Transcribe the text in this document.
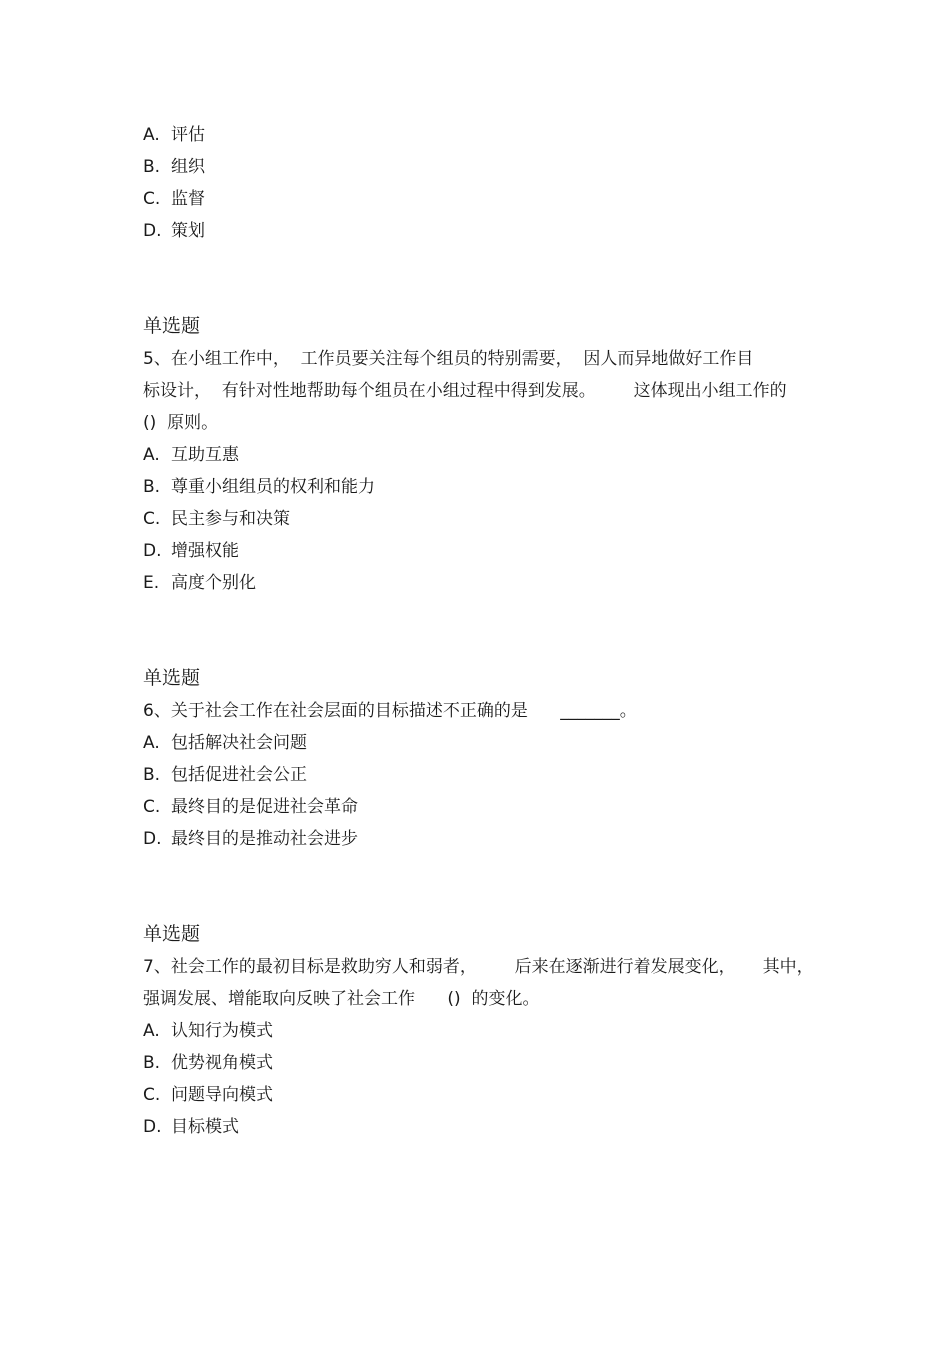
A. 评估
B. 组织
C. 监督
D. 策划
单选题
5、在小组工作中，  工作员要关注每个组员的特别需要，  因人而异地做好工作目
标设计，  有针对性地帮助每个组员在小组过程中得到发展。       这体现出小组工作的
()  原则。
A. 互助互惠
B. 尊重小组组员的权利和能力
C. 民主参与和决策
D. 增强权能
E. 高度个别化
单选题
6、关于社会工作在社会层面的目标描述不正确的是      _______。
A. 包括解决社会问题
B. 包括促进社会公正
C. 最终目的是促进社会革命
D. 最终目的是推动社会进步
单选题
7、社会工作的最初目标是救助穷人和弱者，       后来在逐渐进行着发展变化，     其中，
强调发展、增能取向反映了社会工作      ()  的变化。
A. 认知行为模式
B. 优势视角模式
C. 问题导向模式
D. 目标模式
